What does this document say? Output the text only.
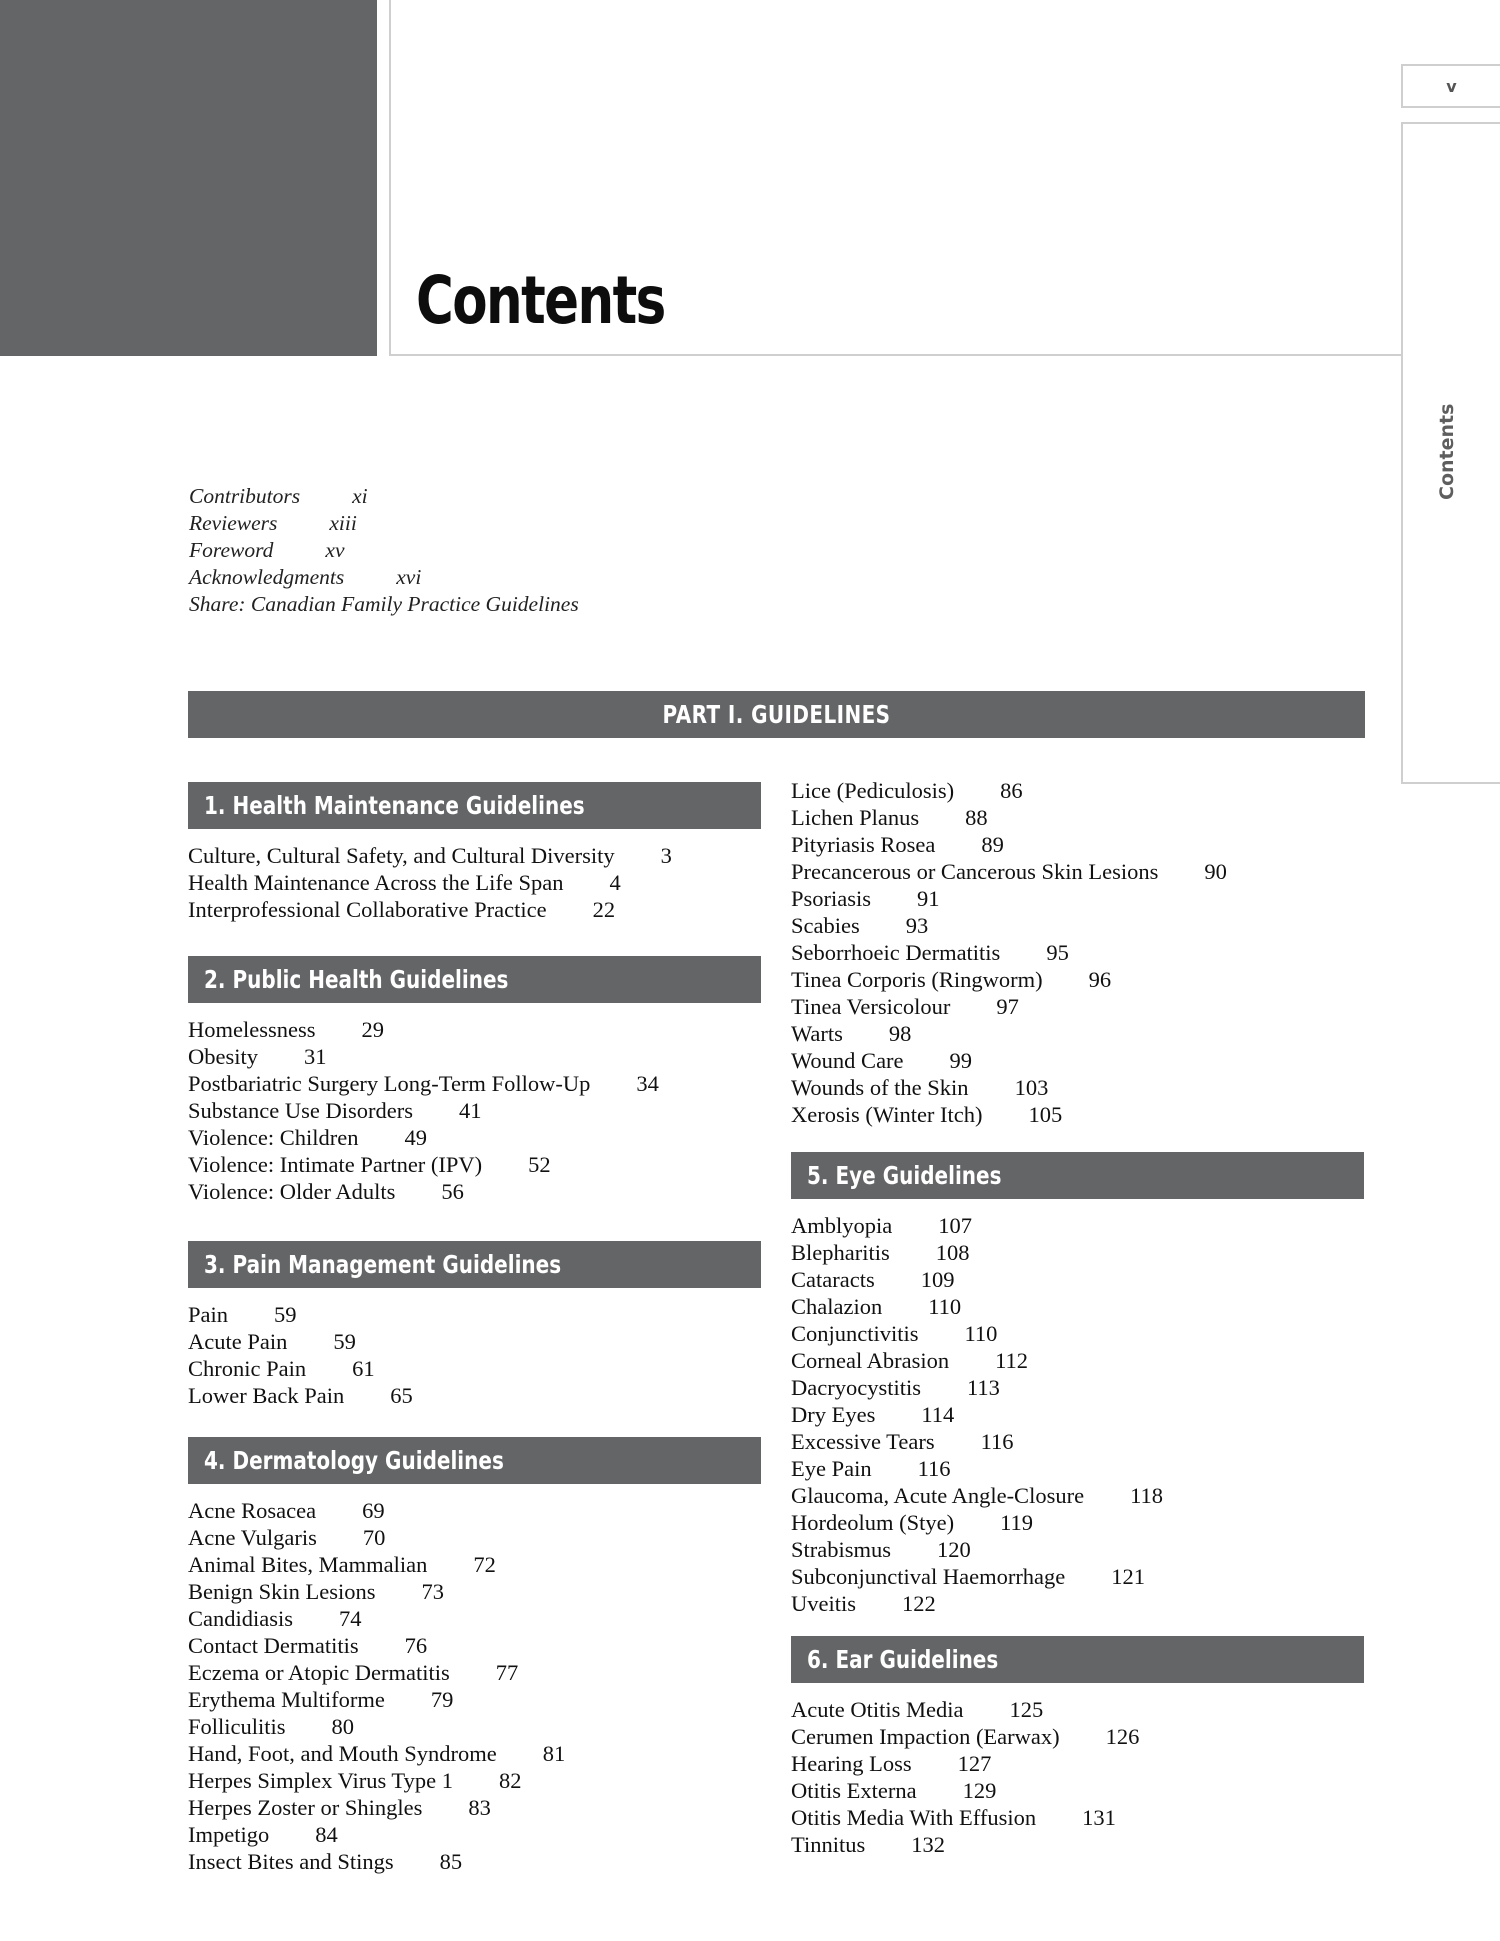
Contents
v
Contents
Contributors xi
Reviewers xiii
Foreword xv
Acknowledgments xvi
Share: Canadian Family Practice Guidelines
PART I. GUIDELINES
1. Health Maintenance Guidelines
Culture, Cultural Safety, and Cultural Diversity 3
Health Maintenance Across the Life Span 4
Interprofessional Collaborative Practice 22
2. Public Health Guidelines
Homelessness 29
Obesity 31
Postbariatric Surgery Long-Term Follow-Up 34
Substance Use Disorders 41
Violence: Children 49
Violence: Intimate Partner (IPV) 52
Violence: Older Adults 56
3. Pain Management Guidelines
Pain 59
Acute Pain 59
Chronic Pain 61
Lower Back Pain 65
4. Dermatology Guidelines
Acne Rosacea 69
Acne Vulgaris 70
Animal Bites, Mammalian 72
Benign Skin Lesions 73
Candidiasis 74
Contact Dermatitis 76
Eczema or Atopic Dermatitis 77
Erythema Multiforme 79
Folliculitis 80
Hand, Foot, and Mouth Syndrome 81
Herpes Simplex Virus Type 1 82
Herpes Zoster or Shingles 83
Impetigo 84
Insect Bites and Stings 85
Lice (Pediculosis) 86
Lichen Planus 88
Pityriasis Rosea 89
Precancerous or Cancerous Skin Lesions 90
Psoriasis 91
Scabies 93
Seborrhoeic Dermatitis 95
Tinea Corporis (Ringworm) 96
Tinea Versicolour 97
Warts 98
Wound Care 99
Wounds of the Skin 103
Xerosis (Winter Itch) 105
5. Eye Guidelines
Amblyopia 107
Blepharitis 108
Cataracts 109
Chalazion 110
Conjunctivitis 110
Corneal Abrasion 112
Dacryocystitis 113
Dry Eyes 114
Excessive Tears 116
Eye Pain 116
Glaucoma, Acute Angle-Closure 118
Hordeolum (Stye) 119
Strabismus 120
Subconjunctival Haemorrhage 121
Uveitis 122
6. Ear Guidelines
Acute Otitis Media 125
Cerumen Impaction (Earwax) 126
Hearing Loss 127
Otitis Externa 129
Otitis Media With Effusion 131
Tinnitus 132
